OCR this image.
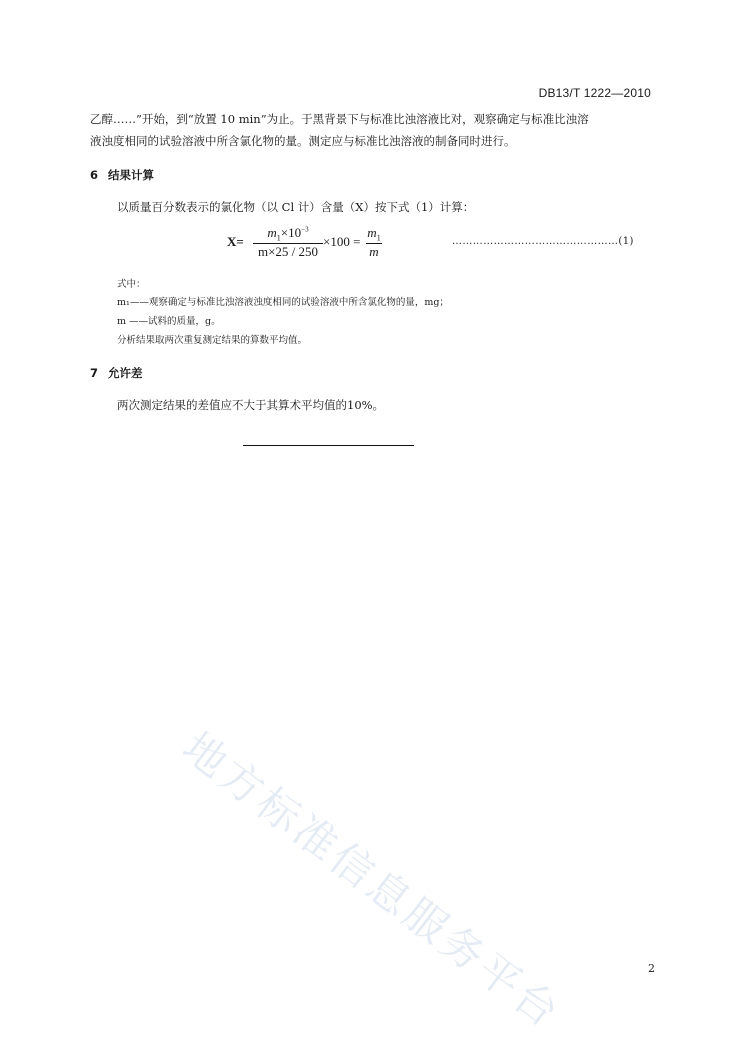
DB13/T 1222—2010
乙醇……”开始，到“放置 10 min”为止。于黑背景下与标准比浊溶液比对，观察确定与标准比浊溶
液浊度相同的试验溶液中所含氯化物的量。测定应与标准比浊溶液的制备同时进行。
6 结果计算
以质量百分数表示的氯化物（以 Cl 计）含量（X）按下式（1）计算：
$X= \frac{m_1\times 10^{-3}}{m\times 25 / 250} \times 100 = \frac{m_1}{m}$	…………………………………………(1)
式中：
m₁——观察确定与标准比浊溶液浊度相同的试验溶液中所含氯化物的量，mg；
m ——试料的质量，g。
分析结果取两次重复测定结果的算数平均值。
7 允许差
两次测定结果的差值应不大于其算术平均值的10%。
地方标准信息服务平台	2
